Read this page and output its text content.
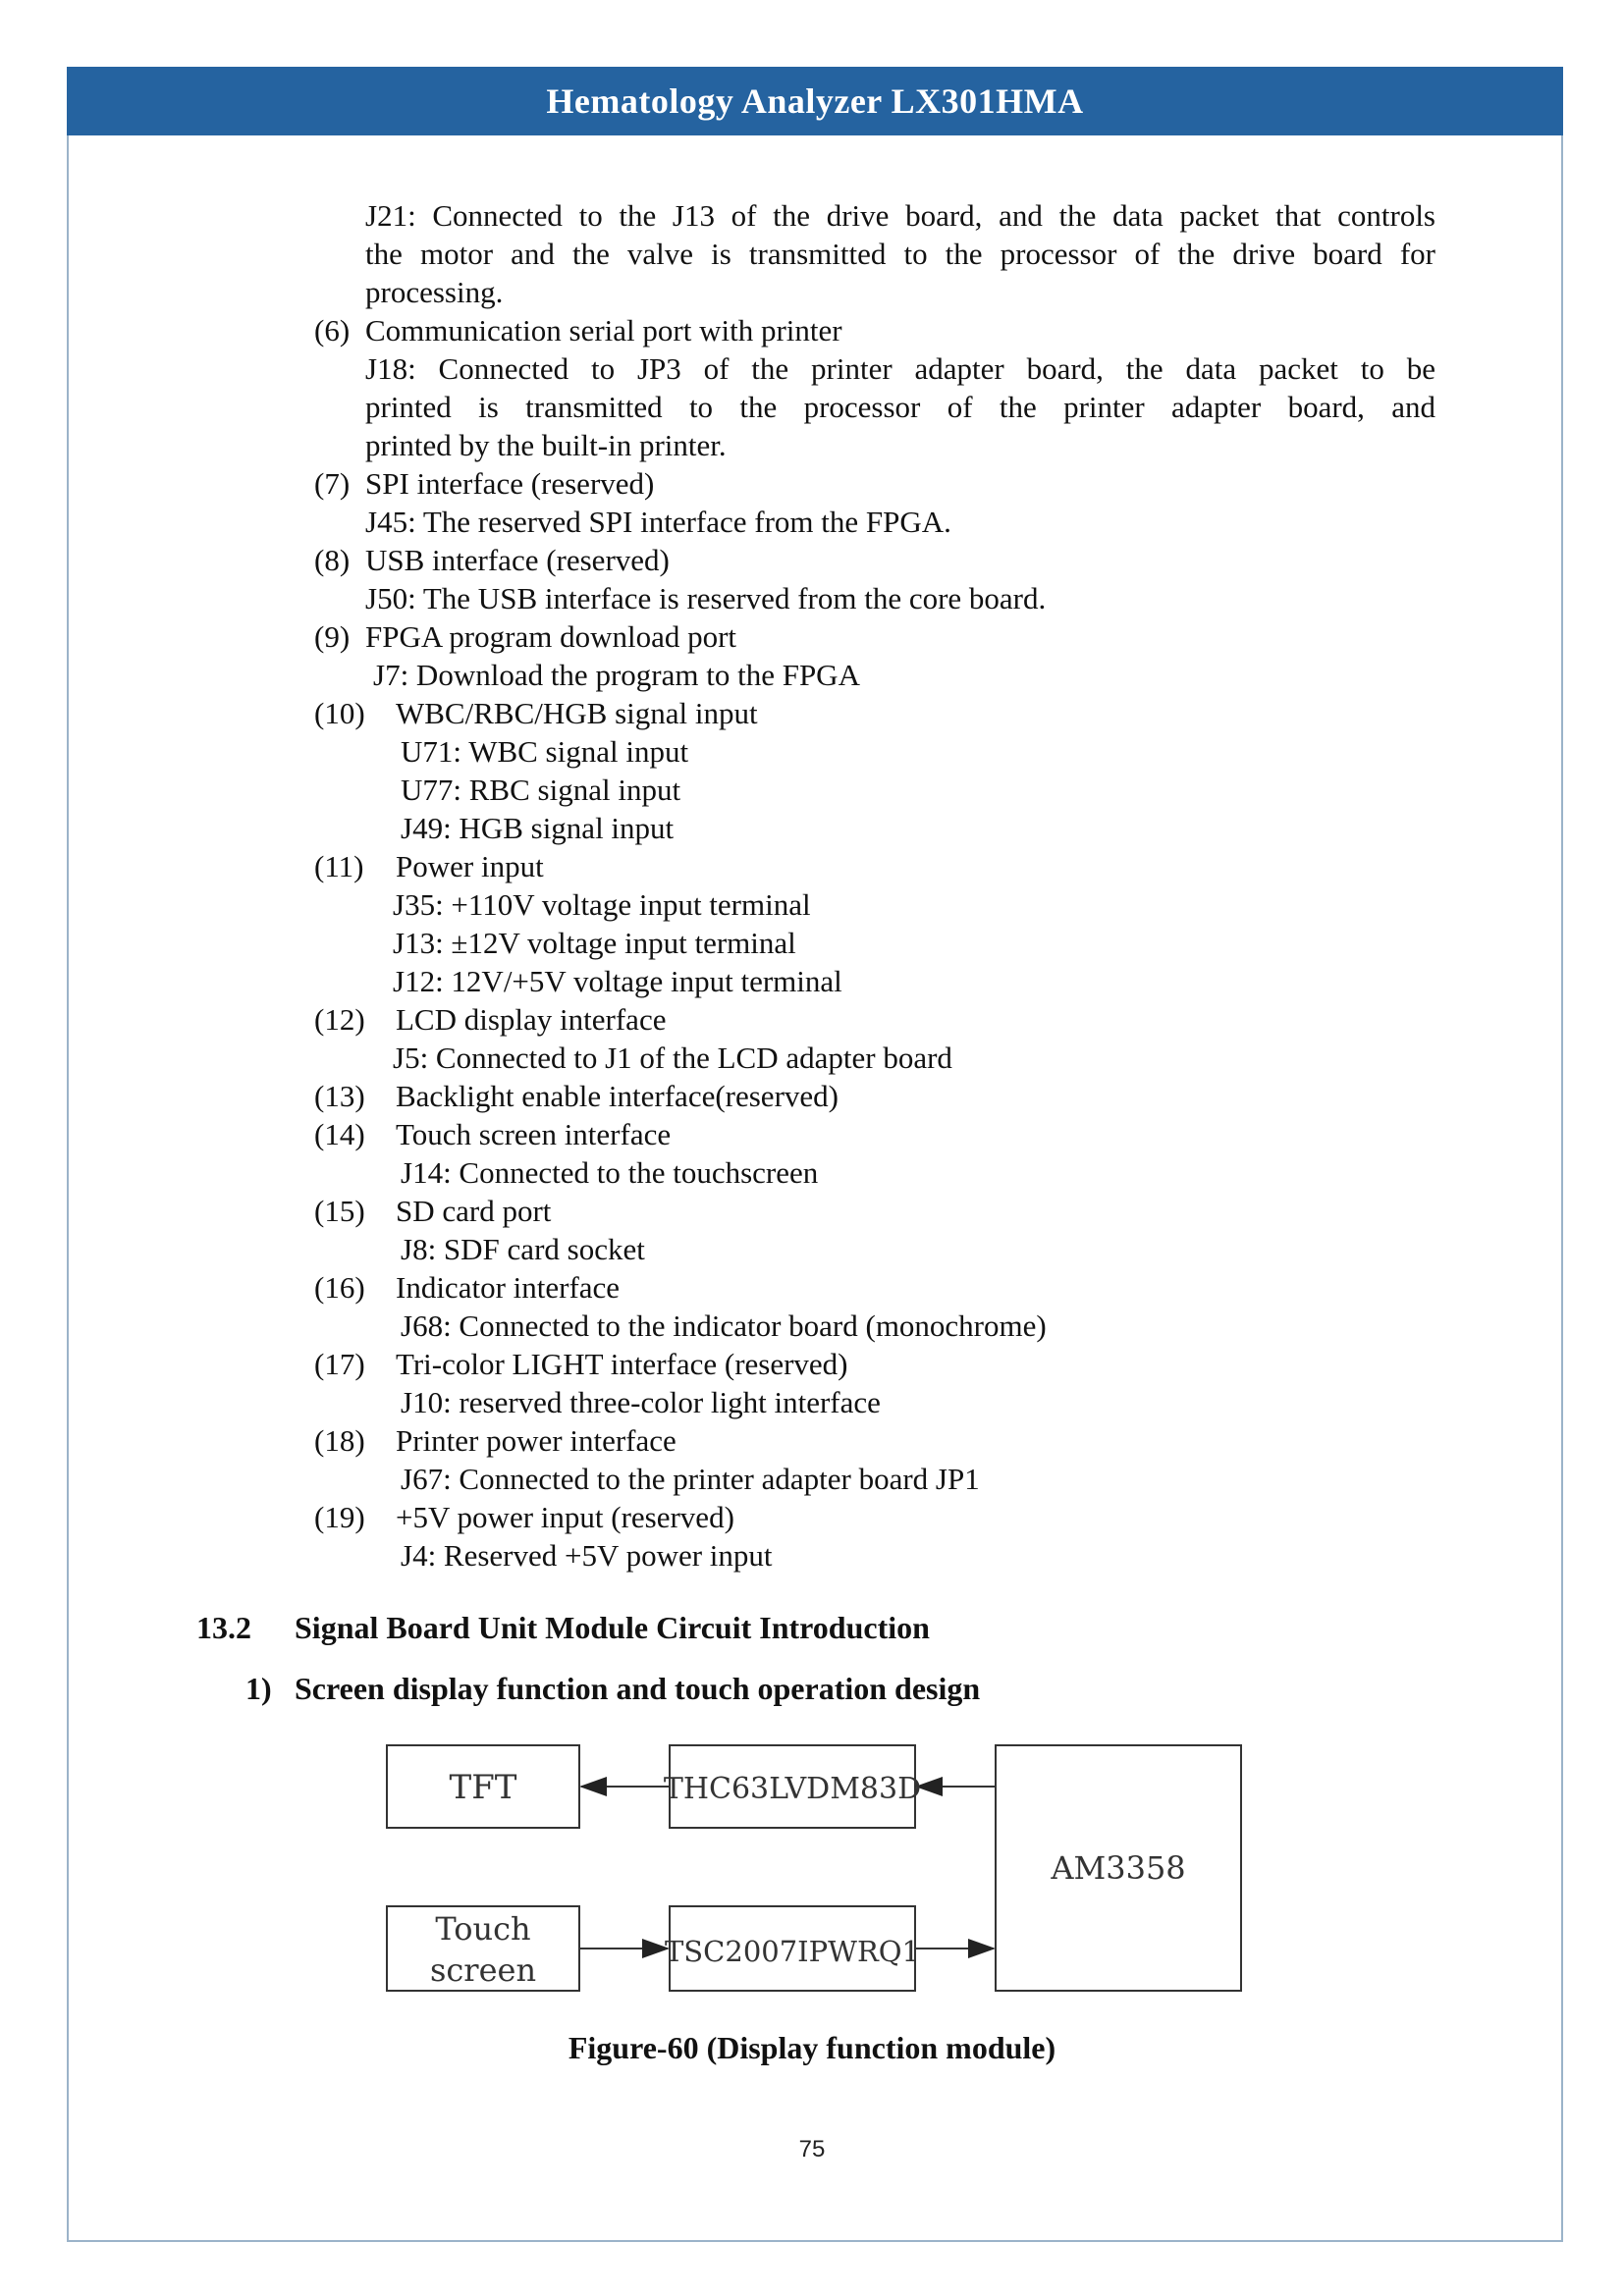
Hematology Analyzer LX301HMA
J21: Connected to the J13 of the drive board, and the data packet that controls
the motor and the valve is transmitted to the processor of the drive board for
processing.
(6) Communication serial port with printer
J18: Connected to JP3 of the printer adapter board, the data packet to be
printed is transmitted to the processor of the printer adapter board, and
printed by the built-in printer.
(7) SPI interface (reserved)
J45: The reserved SPI interface from the FPGA.
(8) USB interface (reserved)
J50: The USB interface is reserved from the core board.
(9) FPGA program download port
J7: Download the program to the FPGA
(10) WBC/RBC/HGB signal input
U71: WBC signal input
U77: RBC signal input
J49: HGB signal input
(11) Power input
J35: +110V voltage input terminal
J13: ±12V voltage input terminal
J12: 12V/+5V voltage input terminal
(12) LCD display interface
J5: Connected to J1 of the LCD adapter board
(13) Backlight enable interface(reserved)
(14) Touch screen interface
J14: Connected to the touchscreen
(15) SD card port
J8: SDF card socket
(16) Indicator interface
J68: Connected to the indicator board (monochrome)
(17) Tri-color LIGHT interface (reserved)
J10: reserved three-color light interface
(18) Printer power interface
J67: Connected to the printer adapter board JP1
(19) +5V power input (reserved)
J4: Reserved +5V power input
13.2 Signal Board Unit Module Circuit Introduction
1) Screen display function and touch operation design
TFT	THC63LVDM83D
AM3358
Touch
screen	TSC2007IPWRQ1
Figure-60 (Display function module)
75
